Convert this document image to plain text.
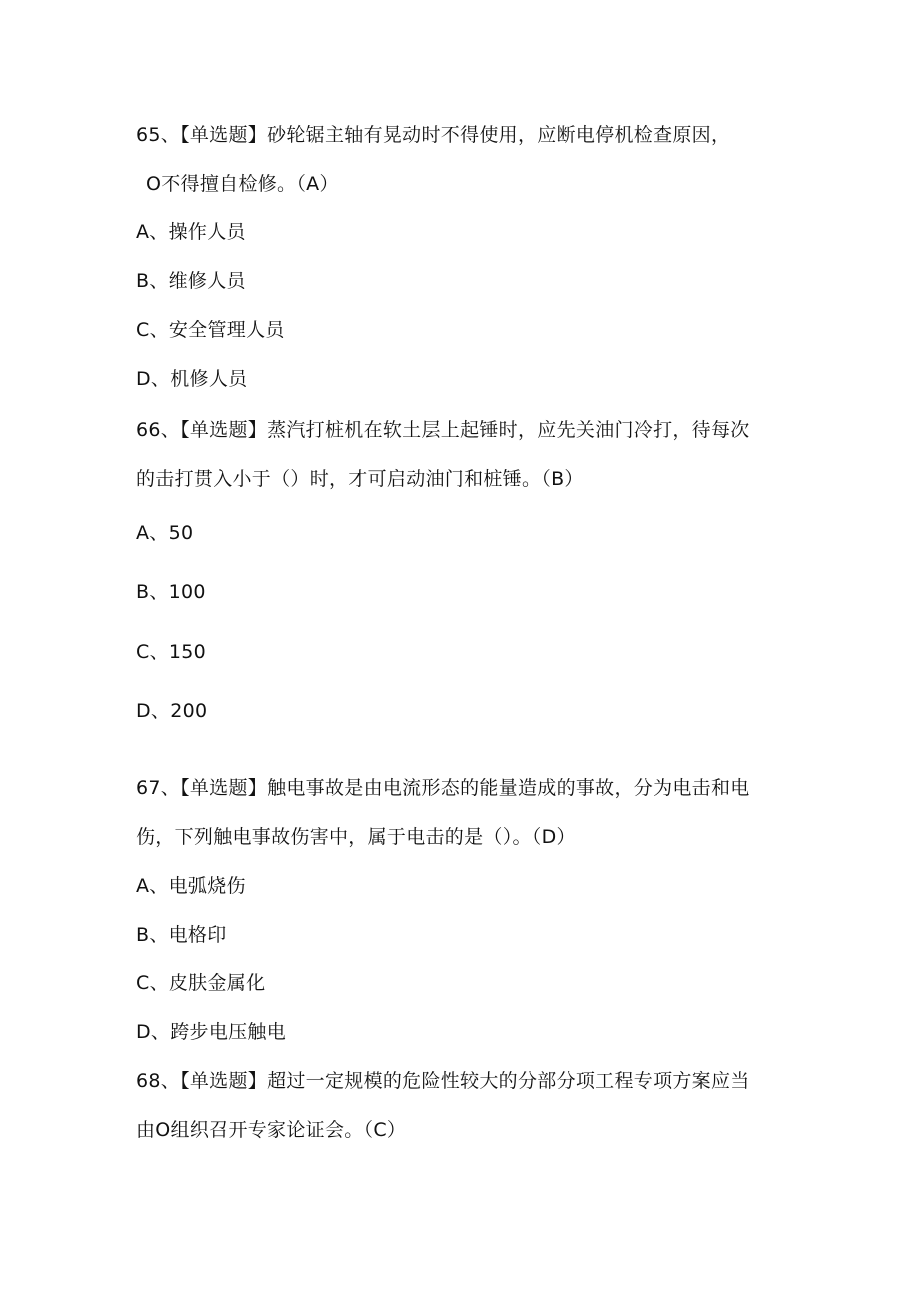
65、【单选题】砂轮锯主轴有晃动时不得使用，应断电停机检查原因，
O不得擅自检修。（A）
A、操作人员
B、维修人员
C、安全管理人员
D、机修人员
66、【单选题】蒸汽打桩机在软土层上起锤时，应先关油门冷打，待每次
的击打贯入小于（）时，才可启动油门和桩锤。（B）
A、50
B、100
C、150
D、200
67、【单选题】触电事故是由电流形态的能量造成的事故，分为电击和电
伤，下列触电事故伤害中，属于电击的是（）。（D）
A、电弧烧伤
B、电格印
C、皮肤金属化
D、跨步电压触电
68、【单选题】超过一定规模的危险性较大的分部分项工程专项方案应当
由O组织召开专家论证会。（C）
